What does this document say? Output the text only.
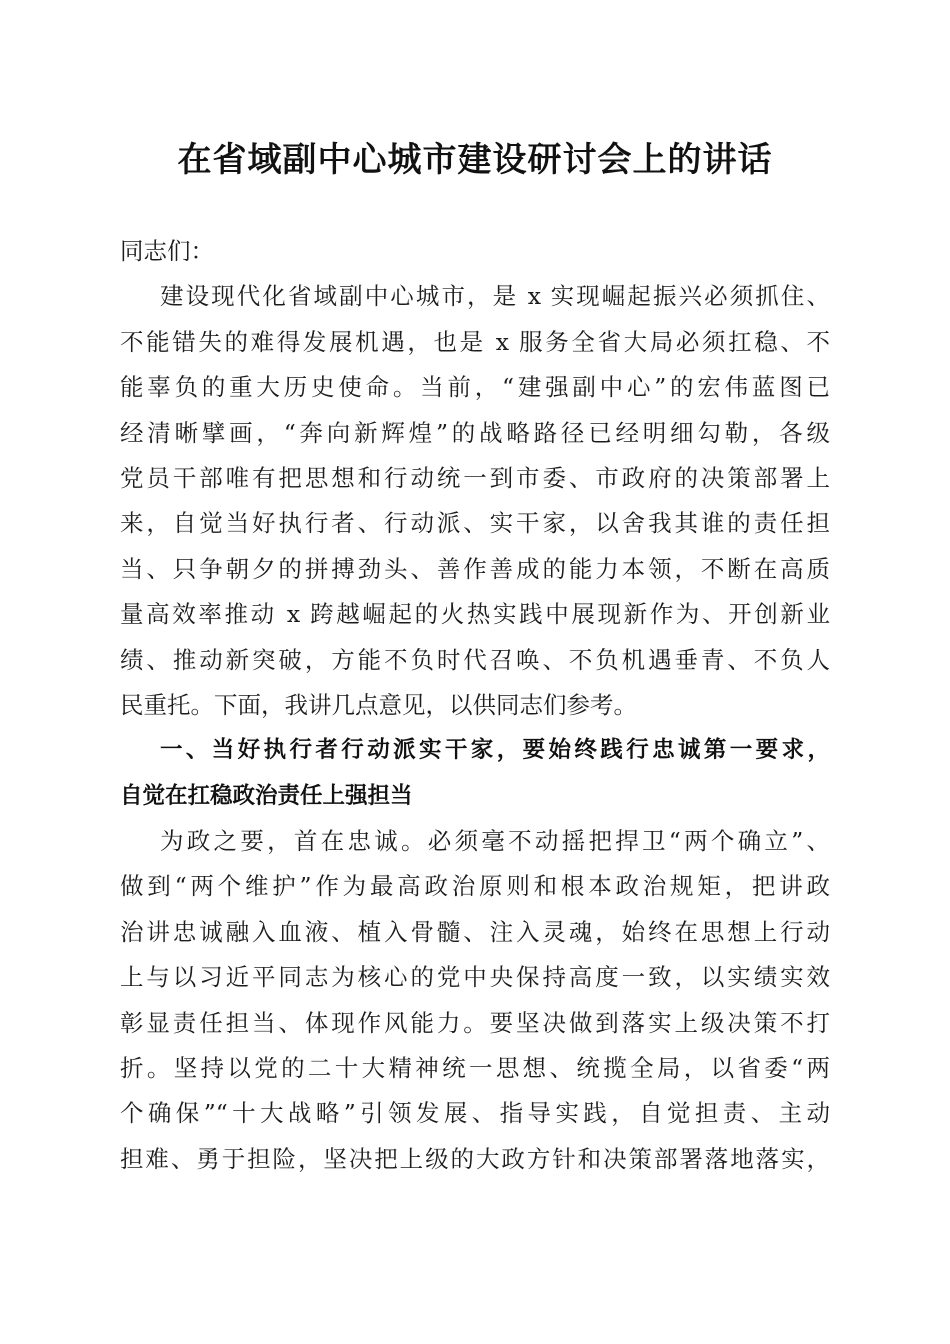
在省域副中心城市建设研讨会上的讲话
同志们：
建设现代化省域副中心城市，是 x 实现崛起振兴必须抓住、
不能错失的难得发展机遇，也是 x 服务全省大局必须扛稳、不
能辜负的重大历史使命。当前，“建强副中心”的宏伟蓝图已
经清晰擘画，“奔向新辉煌”的战略路径已经明细勾勒，各级
党员干部唯有把思想和行动统一到市委、市政府的决策部署上
来，自觉当好执行者、行动派、实干家，以舍我其谁的责任担
当、只争朝夕的拼搏劲头、善作善成的能力本领，不断在高质
量高效率推动 x 跨越崛起的火热实践中展现新作为、开创新业
绩、推动新突破，方能不负时代召唤、不负机遇垂青、不负人
民重托。下面，我讲几点意见，以供同志们参考。
一、当好执行者行动派实干家，要始终践行忠诚第一要求，
自觉在扛稳政治责任上强担当
为政之要，首在忠诚。必须毫不动摇把捍卫“两个确立”、
做到“两个维护”作为最高政治原则和根本政治规矩，把讲政
治讲忠诚融入血液、植入骨髓、注入灵魂，始终在思想上行动
上与以习近平同志为核心的党中央保持高度一致，以实绩实效
彰显责任担当、体现作风能力。要坚决做到落实上级决策不打
折。坚持以党的二十大精神统一思想、统揽全局，以省委“两
个确保”“十大战略”引领发展、指导实践，自觉担责、主动
担难、勇于担险，坚决把上级的大政方针和决策部署落地落实，
